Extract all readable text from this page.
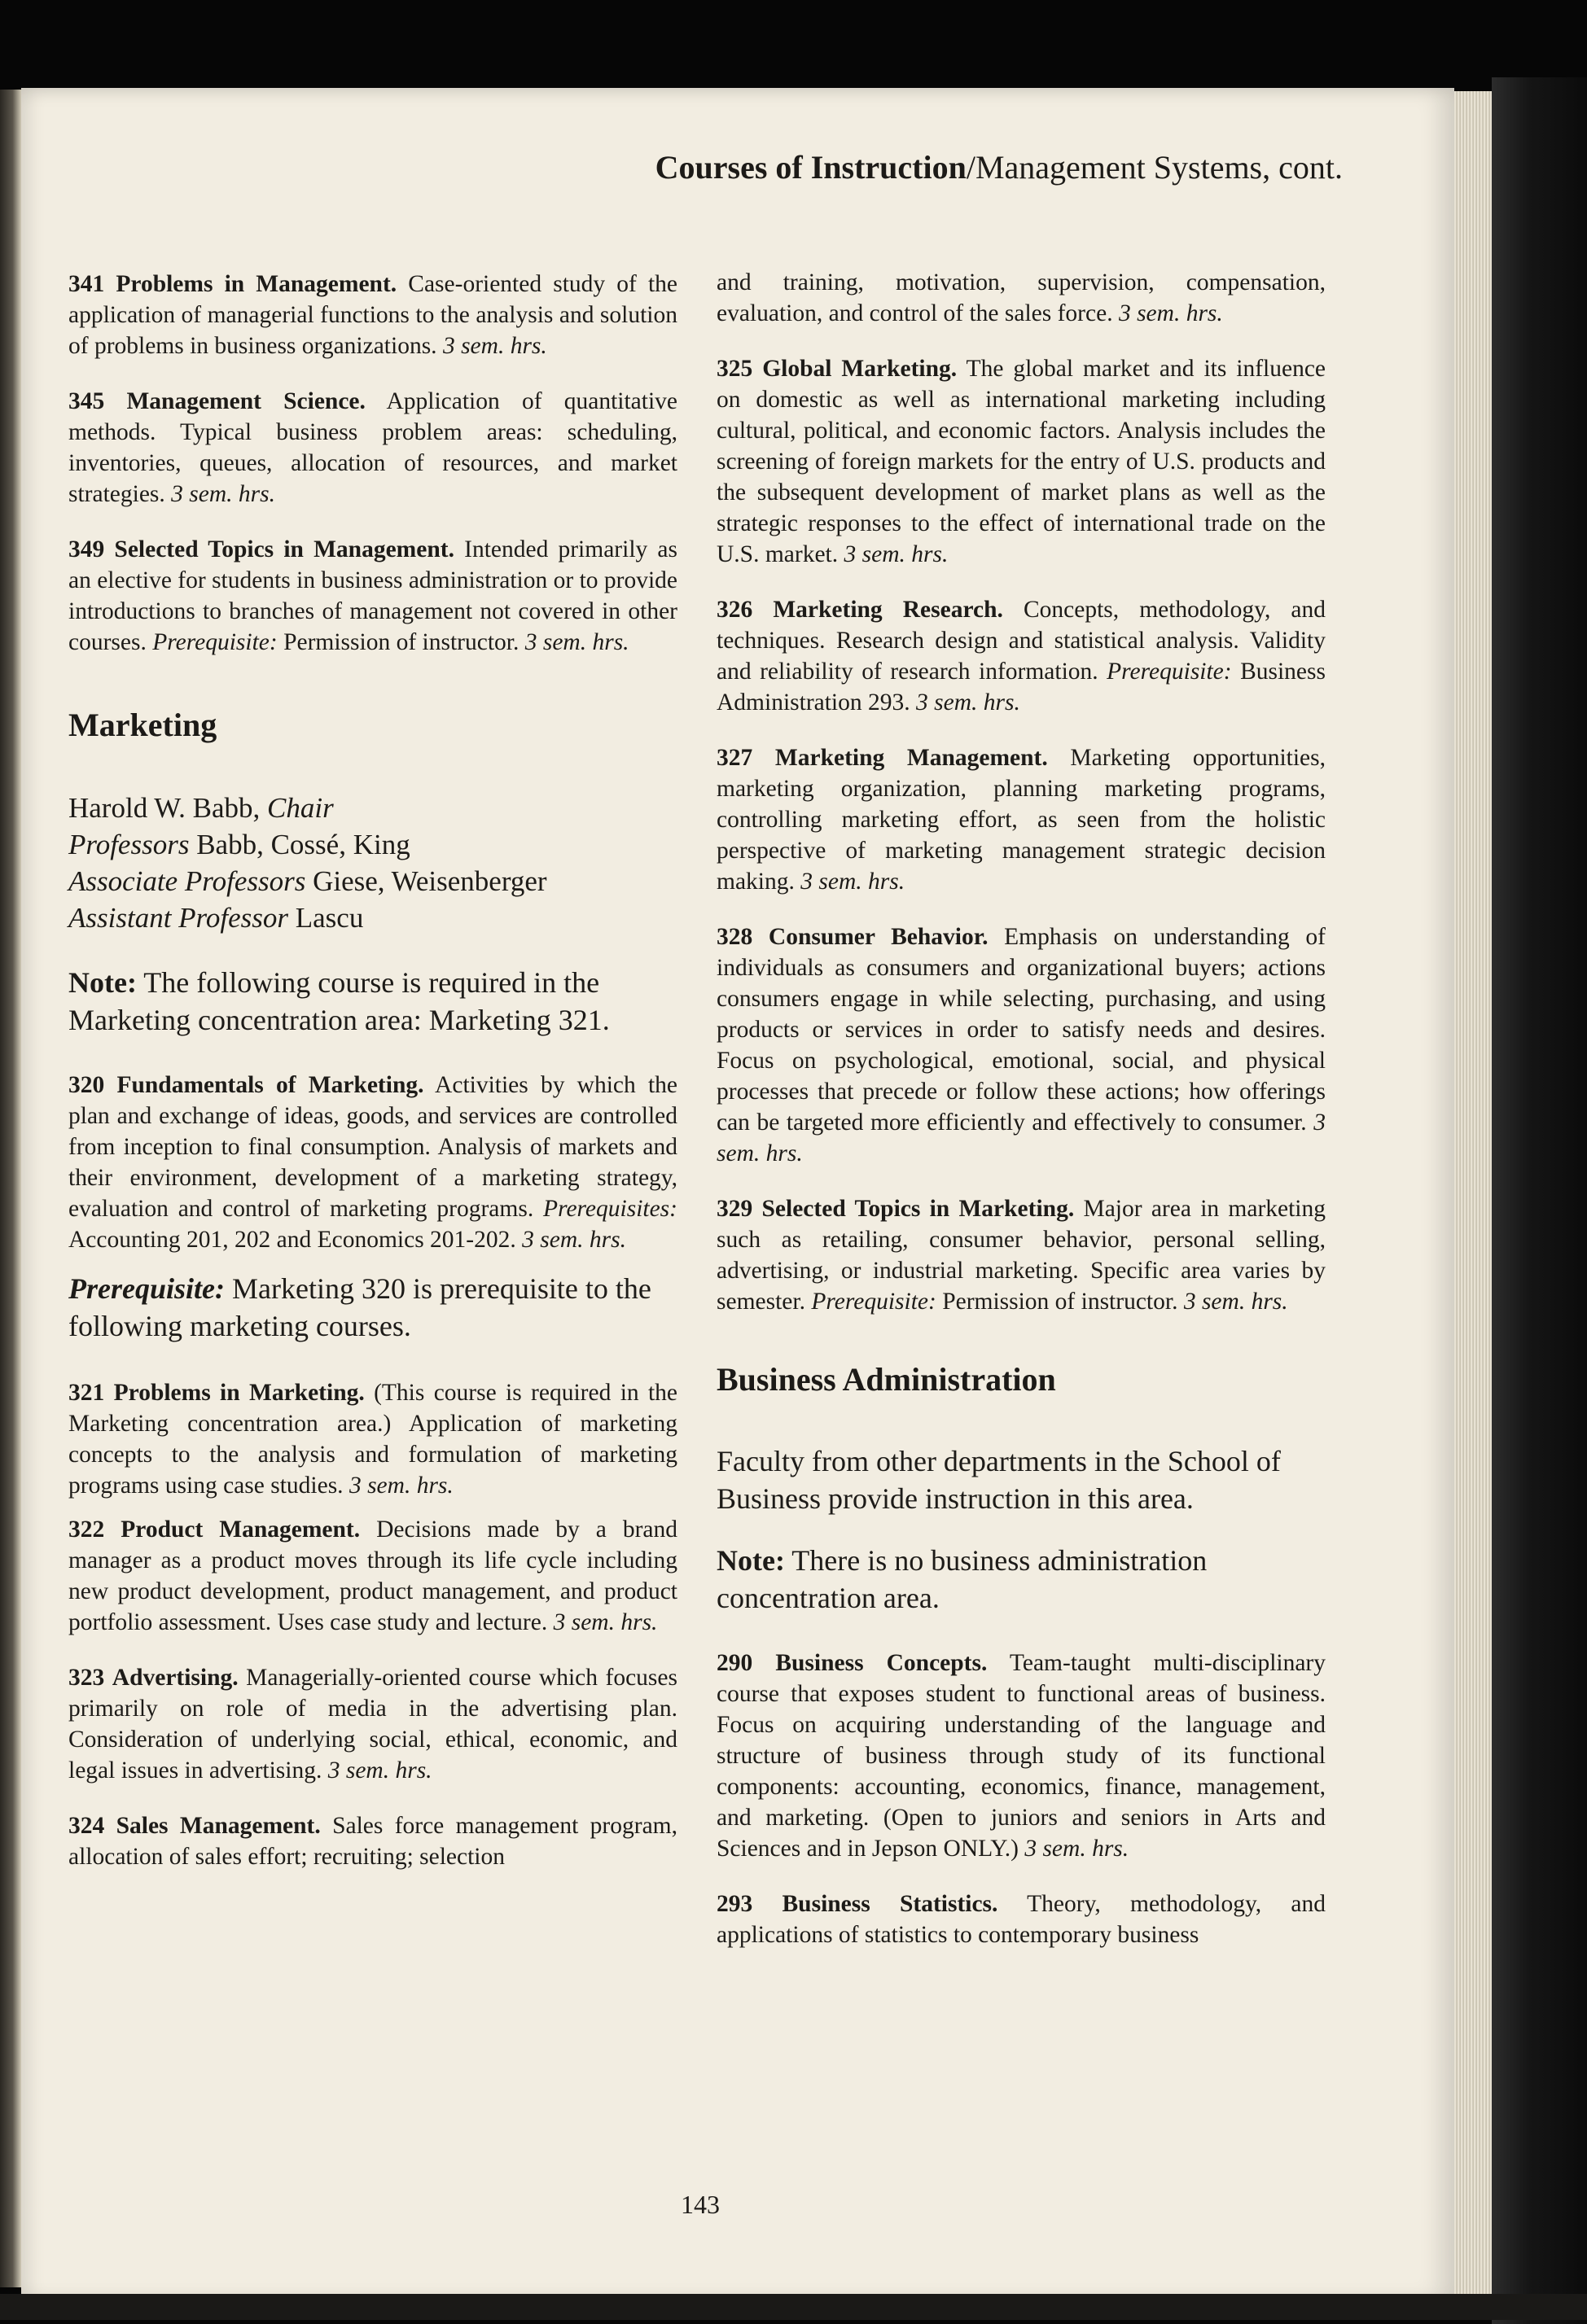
Courses of Instruction/Management Systems, cont.

341 Problems in Management. Case-oriented study of the application of managerial functions to the analysis and solution of problems in business organizations. 3 sem. hrs.

345 Management Science. Application of quantitative methods. Typical business problem areas: scheduling, inventories, queues, allocation of resources, and market strategies. 3 sem. hrs.

349 Selected Topics in Management. Intended primarily as an elective for students in business administration or to provide introductions to branches of management not covered in other courses. Prerequisite: Permission of instructor. 3 sem. hrs.

Marketing
Harold W. Babb, Chair
Professors Babb, Cossé, King
Associate Professors Giese, Weisenberger
Assistant Professor Lascu

Note: The following course is required in the Marketing concentration area: Marketing 321.

320 Fundamentals of Marketing. Activities by which the plan and exchange of ideas, goods, and services are controlled from inception to final consumption. Analysis of markets and their environment, development of a marketing strategy, evaluation and control of marketing programs. Prerequisites: Accounting 201, 202 and Economics 201-202. 3 sem. hrs.

Prerequisite: Marketing 320 is prerequisite to the following marketing courses.

321 Problems in Marketing. (This course is required in the Marketing concentration area.) Application of marketing concepts to the analysis and formulation of marketing programs using case studies. 3 sem. hrs.

322 Product Management. Decisions made by a brand manager as a product moves through its life cycle including new product development, product management, and product portfolio assessment. Uses case study and lecture. 3 sem. hrs.

323 Advertising. Managerially-oriented course which focuses primarily on role of media in the advertising plan. Consideration of underlying social, ethical, economic, and legal issues in advertising. 3 sem. hrs.

324 Sales Management. Sales force management program, allocation of sales effort; recruiting; selection

and training, motivation, supervision, compensation, evaluation, and control of the sales force. 3 sem. hrs.

325 Global Marketing. The global market and its influence on domestic as well as international marketing including cultural, political, and economic factors. Analysis includes the screening of foreign markets for the entry of U.S. products and the subsequent development of market plans as well as the strategic responses to the effect of international trade on the U.S. market. 3 sem. hrs.

326 Marketing Research. Concepts, methodology, and techniques. Research design and statistical analysis. Validity and reliability of research information. Prerequisite: Business Administration 293. 3 sem. hrs.

327 Marketing Management. Marketing opportunities, marketing organization, planning marketing programs, controlling marketing effort, as seen from the holistic perspective of marketing management strategic decision making. 3 sem. hrs.

328 Consumer Behavior. Emphasis on understanding of individuals as consumers and organizational buyers; actions consumers engage in while selecting, purchasing, and using products or services in order to satisfy needs and desires. Focus on psychological, emotional, social, and physical processes that precede or follow these actions; how offerings can be targeted more efficiently and effectively to consumer. 3 sem. hrs.

329 Selected Topics in Marketing. Major area in marketing such as retailing, consumer behavior, personal selling, advertising, or industrial marketing. Specific area varies by semester. Prerequisite: Permission of instructor. 3 sem. hrs.

Business Administration

Faculty from other departments in the School of Business provide instruction in this area.

Note: There is no business administration concentration area.

290 Business Concepts. Team-taught multi-disciplinary course that exposes student to functional areas of business. Focus on acquiring understanding of the language and structure of business through study of its functional components: accounting, economics, finance, management, and marketing. (Open to juniors and seniors in Arts and Sciences and in Jepson ONLY.) 3 sem. hrs.

293 Business Statistics. Theory, methodology, and applications of statistics to contemporary business

143
